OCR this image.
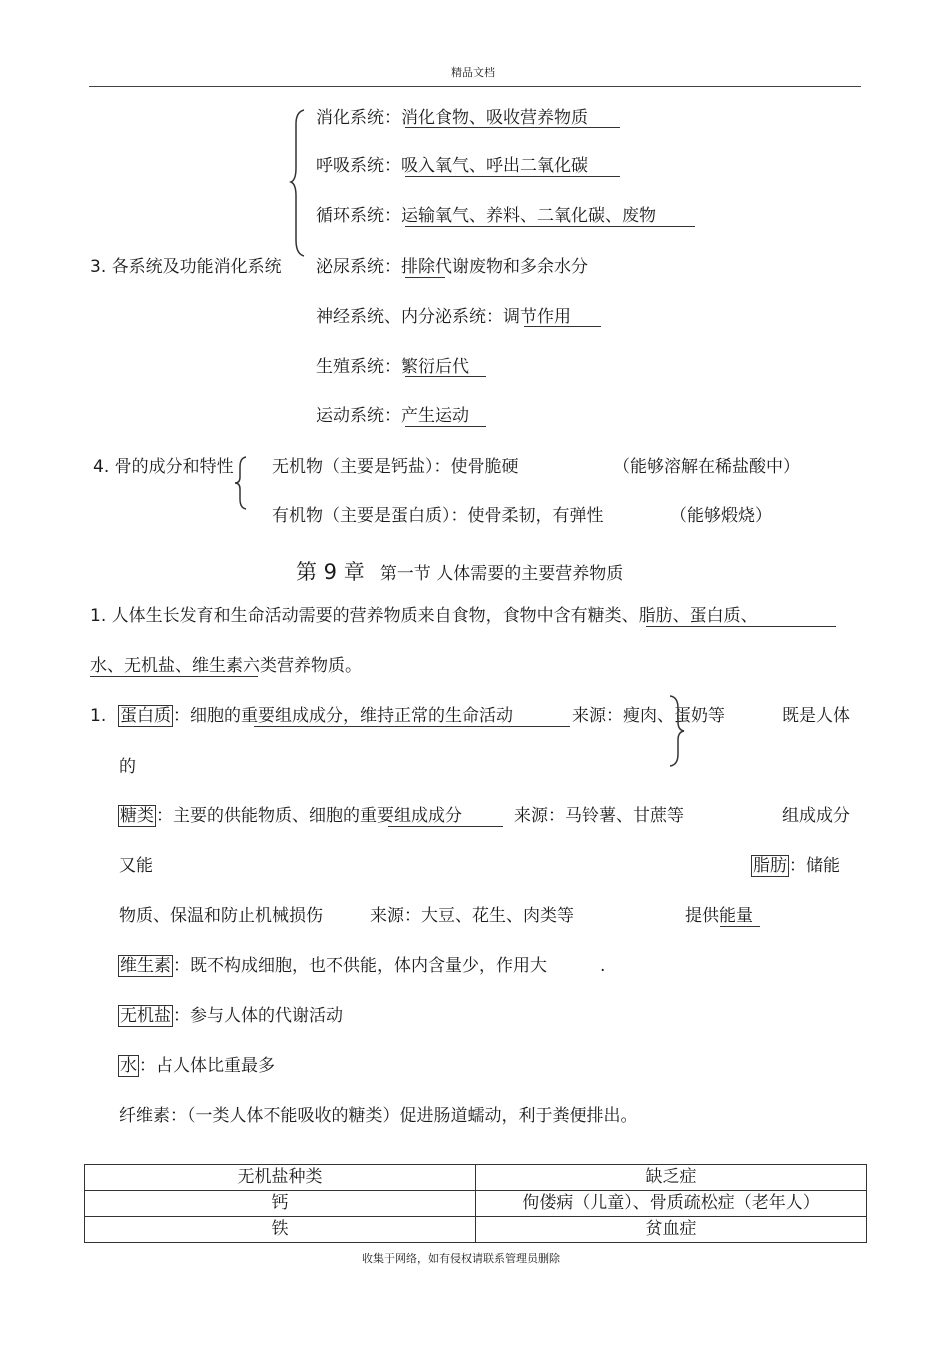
精品文档
3. 各系统及功能消化系统
消化系统：消化食物、吸收营养物质
呼吸系统：吸入氧气、呼出二氧化碳
循环系统：运输氧气、养料、二氧化碳、废物
泌尿系统：排除代谢废物和多余水分
神经系统、内分泌系统：调节作用
生殖系统：繁衍后代
运动系统：产生运动
4. 骨的成分和特性 无机物（主要是钙盐）：使骨脆硬	（能够溶解在稀盐酸中）
有机物（主要是蛋白质）：使骨柔韧，有弹性	（能够煅烧）
第 9 章 第一节 人体需要的主要营养物质
1. 人体生长发育和生命活动需要的营养物质来自食物，食物中含有糖类、脂肪、蛋白质、
水、无机盐、维生素六类营养物质。
1. 蛋白质 ：细胞的重要组成成分，维持正常的生命活动	来源：瘦肉、蛋奶等	既是人体
的
糖类 ：主要的供能物质、细胞的重要组成成分	来源：马铃薯、甘蔗等	组成成分
又能	脂肪 ：储能
物质、保温和防止机械损伤	来源：大豆、花生、肉类等	提供能量
维生素 ：既不构成细胞，也不供能，体内含量少，作用大	.
无机盐 ：参与人体的代谢活动
水 ：占人体比重最多
纤维素：（一类人体不能吸收的糖类）促进肠道蠕动，利于粪便排出。
无机盐种类	缺乏症
钙	佝偻病（儿童）、骨质疏松症（老年人）
铁	贫血症
收集于网络，如有侵权请联系管理员删除
